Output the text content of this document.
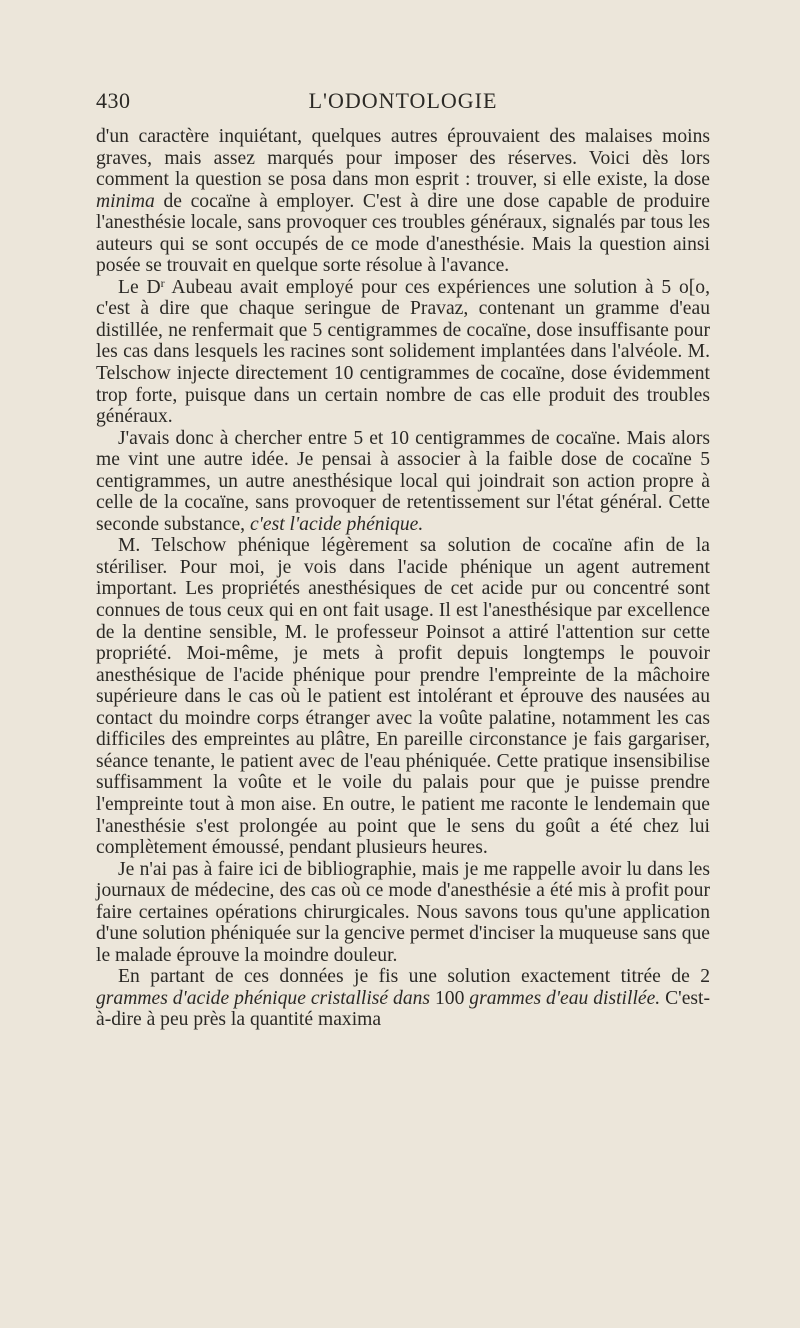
430	L'ODONTOLOGIE

d'un caractère inquiétant, quelques autres éprouvaient des malaises moins graves, mais assez marqués pour imposer des réserves. Voici dès lors comment la question se posa dans mon esprit : trouver, si elle existe, la dose minima de cocaïne à employer. C'est à dire une dose capable de produire l'anesthésie locale, sans provoquer ces troubles généraux, signalés par tous les auteurs qui se sont occupés de ce mode d'anesthésie. Mais la question ainsi posée se trouvait en quelque sorte résolue à l'avance.

Le $D^r$ Aubeau avait employé pour ces expériences une solution à 5 o[o, c'est à dire que chaque seringue de Pravaz, contenant un gramme d'eau distillée, ne renfermait que 5 centigrammes de cocaïne, dose insuffisante pour les cas dans lesquels les racines sont solidement implantées dans l'alvéole. M. Telschow injecte directement 10 centigrammes de cocaïne, dose évidemment trop forte, puisque dans un certain nombre de cas elle produit des troubles généraux.

J'avais donc à chercher entre 5 et 10 centigrammes de cocaïne. Mais alors me vint une autre idée. Je pensai à associer à la faible dose de cocaïne 5 centigrammes, un autre anesthésique local qui joindrait son action propre à celle de la cocaïne, sans provoquer de retentissement sur l'état général. Cette seconde substance, c'est l'acide phénique.

M. Telschow phénique légèrement sa solution de cocaïne afin de la stériliser. Pour moi, je vois dans l'acide phénique un agent autrement important. Les propriétés anesthésiques de cet acide pur ou concentré sont connues de tous ceux qui en ont fait usage. Il est l'anesthésique par excellence de la dentine sensible, M. le professeur Poinsot a attiré l'attention sur cette propriété. Moi-même, je mets à profit depuis longtemps le pouvoir anesthésique de l'acide phénique pour prendre l'empreinte de la mâchoire supérieure dans le cas où le patient est intolérant et éprouve des nausées au contact du moindre corps étranger avec la voûte palatine, notamment les cas difficiles des empreintes au plâtre, En pareille circonstance je fais gargariser, séance tenante, le patient avec de l'eau phéniquée. Cette pratique insensibilise suffisamment la voûte et le voile du palais pour que je puisse prendre l'empreinte tout à mon aise. En outre, le patient me raconte le lendemain que l'anesthésie s'est prolongée au point que le sens du goût a été chez lui complètement émoussé, pendant plusieurs heures.

Je n'ai pas à faire ici de bibliographie, mais je me rappelle avoir lu dans les journaux de médecine, des cas où ce mode d'anesthésie a été mis à profit pour faire certaines opérations chirurgicales. Nous savons tous qu'une application d'une solution phéniquée sur la gencive permet d'inciser la muqueuse sans que le malade éprouve la moindre douleur.

En partant de ces données je fis une solution exactement titrée de 2 grammes d'acide phénique cristallisé dans 100 grammes d'eau distillée. C'est-à-dire à peu près la quantité maxima
